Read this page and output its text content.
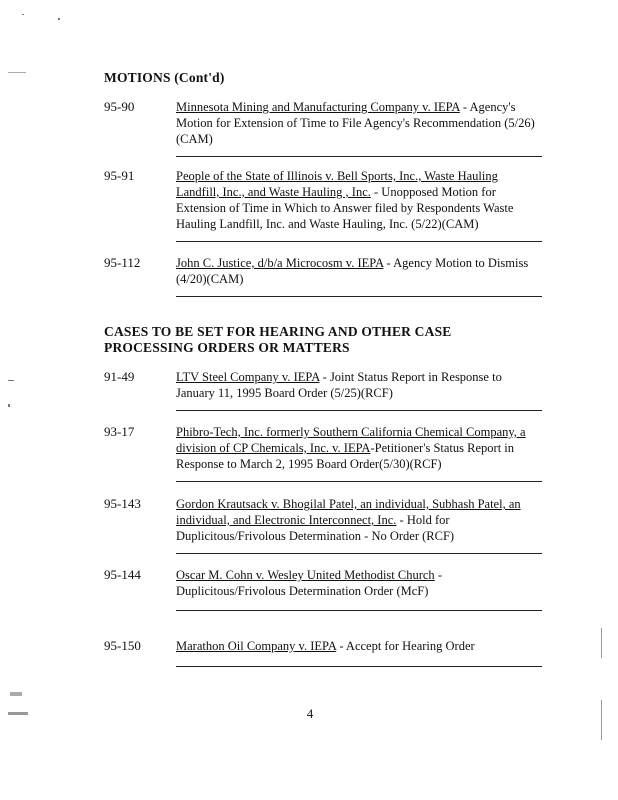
MOTIONS (Cont'd)
95-90	Minnesota Mining and Manufacturing Company v. IEPA - Agency's Motion for Extension of Time to File Agency's Recommendation (5/26)(CAM)
95-91	People of the State of Illinois v. Bell Sports, Inc., Waste Hauling Landfill, Inc., and Waste Hauling , Inc. - Unopposed Motion for Extension of Time in Which to Answer filed by Respondents Waste Hauling Landfill, Inc. and Waste Hauling, Inc. (5/22)(CAM)
95-112	John C. Justice, d/b/a Microcosm v. IEPA - Agency Motion to Dismiss (4/20)(CAM)
CASES TO BE SET FOR HEARING AND OTHER CASE PROCESSING ORDERS OR MATTERS
91-49	LTV Steel Company v. IEPA - Joint Status Report in Response to January 11, 1995 Board Order (5/25)(RCF)
93-17	Phibro-Tech, Inc. formerly Southern California Chemical Company, a division of CP Chemicals, Inc. v. IEPA-Petitioner's Status Report in Response to March 2, 1995 Board Order(5/30)(RCF)
95-143	Gordon Krautsack v. Bhogilal Patel, an individual, Subhash Patel, an individual, and Electronic Interconnect, Inc. - Hold for Duplicitous/Frivolous Determination - No Order (RCF)
95-144	Oscar M. Cohn v. Wesley United Methodist Church - Duplicitous/Frivolous Determination Order (McF)
95-150	Marathon Oil Company v. IEPA - Accept for Hearing Order
4
